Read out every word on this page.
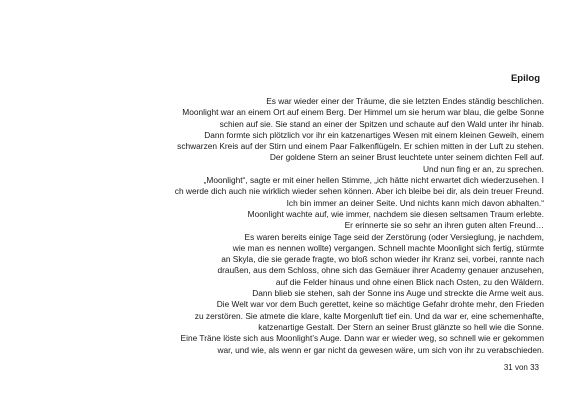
Epilog
Es war wieder einer der Träume, die sie letzten Endes ständig beschlichen.
Moonlight war an einem Ort auf einem Berg. Der Himmel um sie herum war blau, die gelbe Sonne
schien auf sie. Sie stand an einer der Spitzen und schaute auf den Wald unter ihr hinab.
Dann formte sich plötzlich vor ihr ein katzenartiges Wesen mit einem kleinen Geweih, einem
schwarzen Kreis auf der Stirn und einem Paar Falkenflügeln. Er schien mitten in der Luft zu stehen.
Der goldene Stern an seiner Brust leuchtete unter seinem dichten Fell auf.
Und nun fing er an, zu sprechen.
„Moonlight“, sagte er mit einer hellen Stimme, „ich hätte nicht erwartet dich wiederzusehen. I
ch werde dich auch nie wirklich wieder sehen können. Aber ich bleibe bei dir, als dein treuer Freund.
Ich bin immer an deiner Seite. Und nichts kann mich davon abhalten.“
Moonlight wachte auf, wie immer, nachdem sie diesen seltsamen Traum erlebte.
Er erinnerte sie so sehr an ihren guten alten Freund…
Es waren bereits einige Tage seid der Zerstörung (oder Versieglung, je nachdem,
wie man es nennen wollte) vergangen. Schnell machte Moonlight sich fertig, stürmte
an Skyla, die sie gerade fragte, wo bloß schon wieder ihr Kranz sei, vorbei, rannte nach
draußen, aus dem Schloss, ohne sich das Gemäuer ihrer Academy genauer anzusehen,
auf die Felder hinaus und ohne einen Blick nach Osten, zu den Wäldern.
Dann blieb sie stehen, sah der Sonne ins Auge und streckte die Arme weit aus.
Die Welt war vor dem Buch gerettet, keine so mächtige Gefahr drohte mehr, den Frieden
zu zerstören. Sie atmete die klare, kalte Morgenluft tief ein. Und da war er, eine schemenhafte,
katzenartige Gestalt. Der Stern an seiner Brust glänzte so hell wie die Sonne.
Eine Träne löste sich aus Moonlight’s Auge. Dann war er wieder weg, so schnell wie er gekommen
war, und wie, als wenn er gar nicht da gewesen wäre, um sich von ihr zu verabschieden.
31 von 33
